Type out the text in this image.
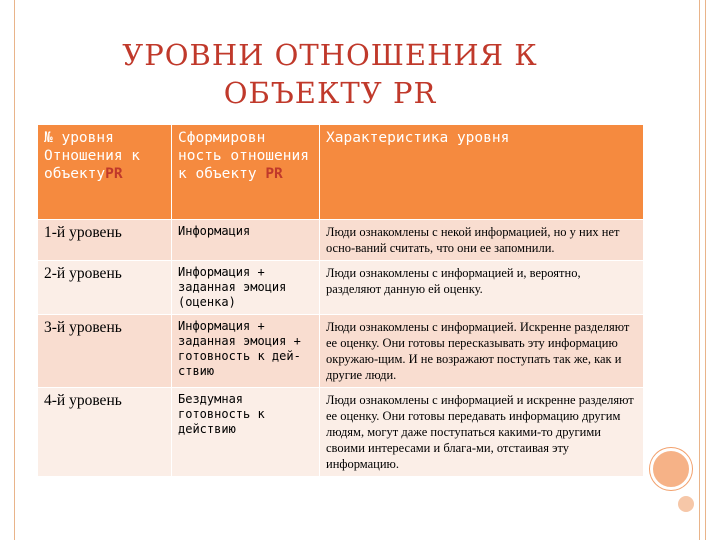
УРОВНИ ОТНОШЕНИЯ К
ОБЪЕКТУ PR
№ уровня Отношения к объектуPR	Сформировн ность отношения к объекту PR	Характеристика уровня
1-й уровень	Информация	Люди ознакомлены с некой информацией, но у них нет осно-ваний считать, что они ее запомнили.
2-й уровень	Информация + заданная эмоция (оценка)	Люди ознакомлены с информацией и, вероятно, разделяют данную ей оценку.
3-й уровень	Информация + заданная эмоция + готовность к дей-ствию	Люди ознакомлены с информацией. Искренне разделяют ее оценку. Они готовы пересказывать эту информацию окружаю-щим. И не возражают поступать так же, как и другие люди.
4-й уровень	Бездумная готовность к действию	Люди ознакомлены с информацией и искренне разделяют ее оценку. Они готовы передавать информацию другим людям, могут даже поступаться какими-то другими своими интересами и блага-ми, отстаивая эту информацию.
